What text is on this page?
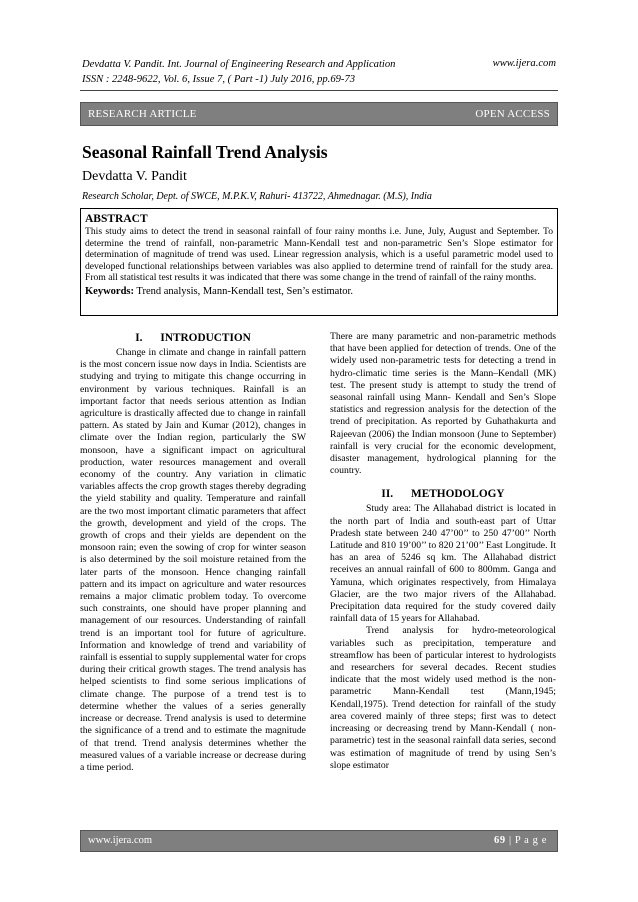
Devdatta V. Pandit. Int. Journal of Engineering Research and Application	www.ijera.com
ISSN : 2248-9622, Vol. 6, Issue 7, ( Part -1) July 2016, pp.69-73
RESEARCH ARTICLE	OPEN ACCESS
Seasonal Rainfall Trend Analysis
Devdatta V. Pandit
Research Scholar, Dept. of SWCE, M.P.K.V, Rahuri- 413722, Ahmednagar. (M.S), India
ABSTRACT
This study aims to detect the trend in seasonal rainfall of four rainy months i.e. June, July, August and September. To determine the trend of rainfall, non-parametric Mann-Kendall test and non-parametric Sen’s Slope estimator for determination of magnitude of trend was used. Linear regression analysis, which is a useful parametric model used to developed functional relationships between variables was also applied to determine trend of rainfall for the study area. From all statistical test results it was indicated that there was some change in the trend of rainfall of the rainy months.
Keywords: Trend analysis, Mann-Kendall test, Sen’s estimator.
I. INTRODUCTION

Change in climate and change in rainfall pattern is the most concern issue now days in India. Scientists are studying and trying to mitigate this change occurring in environment by various techniques. Rainfall is an important factor that needs serious attention as Indian agriculture is drastically affected due to change in rainfall pattern. As stated by Jain and Kumar (2012), changes in climate over the Indian region, particularly the SW monsoon, have a significant impact on agricultural production, water resources management and overall economy of the country. Any variation in climatic variables affects the crop growth stages thereby degrading the yield stability and quality. Temperature and rainfall are the two most important climatic parameters that affect the growth, development and yield of the crops. The growth of crops and their yields are dependent on the monsoon rain; even the sowing of crop for winter season is also determined by the soil moisture retained from the later parts of the monsoon. Hence changing rainfall pattern and its impact on agriculture and water resources remains a major climatic problem today. To overcome such constraints, one should have proper planning and management of our resources. Understanding of rainfall trend is an important tool for future of agriculture. Information and knowledge of trend and variability of rainfall is essential to supply supplemental water for crops during their critical growth stages. The trend analysis has helped scientists to find some serious implications of climate change. The purpose of a trend test is to determine whether the values of a series generally increase or decrease. Trend analysis is used to determine the significance of a trend and to estimate the magnitude of that trend. Trend analysis determines whether the measured values of a variable increase or decrease during a time period.

There are many parametric and non-parametric methods that have been applied for detection of trends. One of the widely used non-parametric tests for detecting a trend in hydro-climatic time series is the Mann–Kendall (MK) test. The present study is attempt to study the trend of seasonal rainfall using Mann- Kendall and Sen’s Slope statistics and regression analysis for the detection of the trend of precipitation. As reported by Guhathakurta and Rajeevan (2006) the Indian monsoon (June to September) rainfall is very crucial for the economic development, disaster management, hydrological planning for the country.

II. METHODOLOGY

Study area: The Allahabad district is located in the north part of India and south-east part of Uttar Pradesh state between 240 47’00’’ to 250 47’00’’ North Latitude and 810 19’00’’ to 820 21’00’’ East Longitude. It has an area of 5246 sq km. The Allahabad district receives an annual rainfall of 600 to 800mm. Ganga and Yamuna, which originates respectively, from Himalaya Glacier, are the two major rivers of the Allahabad. Precipitation data required for the study covered daily rainfall data of 15 years for Allahabad.

Trend analysis for hydro-meteorological variables such as precipitation, temperature and streamflow has been of particular interest to hydrologists and researchers for several decades. Recent studies indicate that the most widely used method is the non-parametric Mann-Kendall test (Mann,1945; Kendall,1975). Trend detection for rainfall of the study area covered mainly of three steps; first was to detect increasing or decreasing trend by Mann-Kendall ( non-parametric) test in the seasonal rainfall data series, second was estimation of magnitude of trend by using Sen’s slope estimator

www.ijera.com	69 | P a g e
